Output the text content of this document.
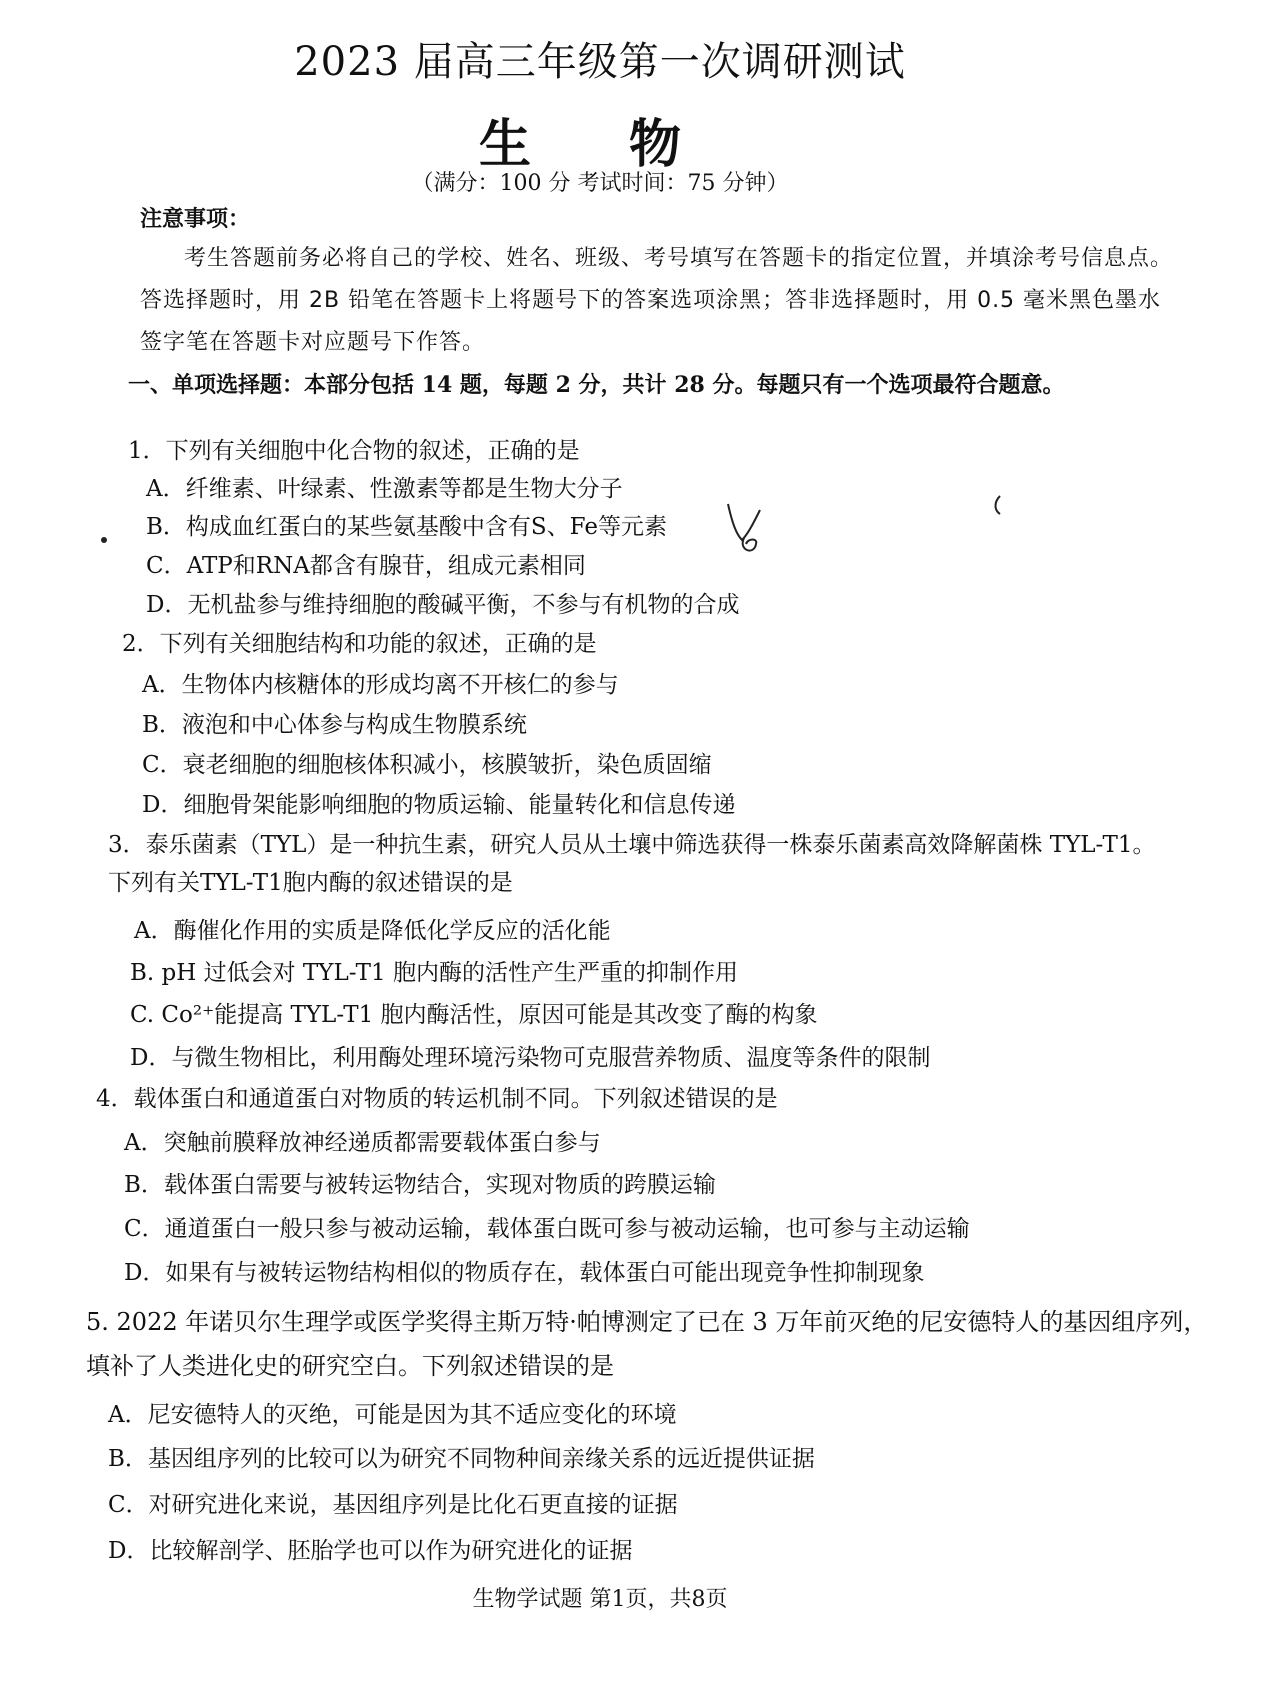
2023 届高三年级第一次调研测试
生 物
（满分：100 分 考试时间：75 分钟）
注意事项：
考生答题前务必将自己的学校、姓名、班级、考号填写在答题卡的指定位置，并填涂考号信息点。答选择题时，用 2B 铅笔在答题卡上将题号下的答案选项涂黑；答非选择题时，用 0.5 毫米黑色墨水签字笔在答题卡对应题号下作答。
一、单项选择题：本部分包括 14 题，每题 2 分，共计 28 分。每题只有一个选项最符合题意。
1．下列有关细胞中化合物的叙述，正确的是
A．纤维素、叶绿素、性激素等都是生物大分子
B．构成血红蛋白的某些氨基酸中含有S、Fe等元素
C．ATP和RNA都含有腺苷，组成元素相同
D．无机盐参与维持细胞的酸碱平衡，不参与有机物的合成
2．下列有关细胞结构和功能的叙述，正确的是
A．生物体内核糖体的形成均离不开核仁的参与
B．液泡和中心体参与构成生物膜系统
C．衰老细胞的细胞核体积减小，核膜皱折，染色质固缩
D．细胞骨架能影响细胞的物质运输、能量转化和信息传递
3．泰乐菌素（TYL）是一种抗生素，研究人员从土壤中筛选获得一株泰乐菌素高效降解菌株 TYL-T1。下列有关TYL-T1胞内酶的叙述错误的是
A．酶催化作用的实质是降低化学反应的活化能
B. pH 过低会对 TYL-T1 胞内酶的活性产生严重的抑制作用
C. Co²⁺能提高 TYL-T1 胞内酶活性，原因可能是其改变了酶的构象
D．与微生物相比，利用酶处理环境污染物可克服营养物质、温度等条件的限制
4．载体蛋白和通道蛋白对物质的转运机制不同。下列叙述错误的是
A．突触前膜释放神经递质都需要载体蛋白参与
B．载体蛋白需要与被转运物结合，实现对物质的跨膜运输
C．通道蛋白一般只参与被动运输，载体蛋白既可参与被动运输，也可参与主动运输
D．如果有与被转运物结构相似的物质存在，载体蛋白可能出现竞争性抑制现象
5. 2022 年诺贝尔生理学或医学奖得主斯万特·帕博测定了已在 3 万年前灭绝的尼安德特人的基因组序列，填补了人类进化史的研究空白。下列叙述错误的是
A．尼安德特人的灭绝，可能是因为其不适应变化的环境
B．基因组序列的比较可以为研究不同物种间亲缘关系的远近提供证据
C．对研究进化来说，基因组序列是比化石更直接的证据
D．比较解剖学、胚胎学也可以作为研究进化的证据
生物学试题 第1页，共8页
